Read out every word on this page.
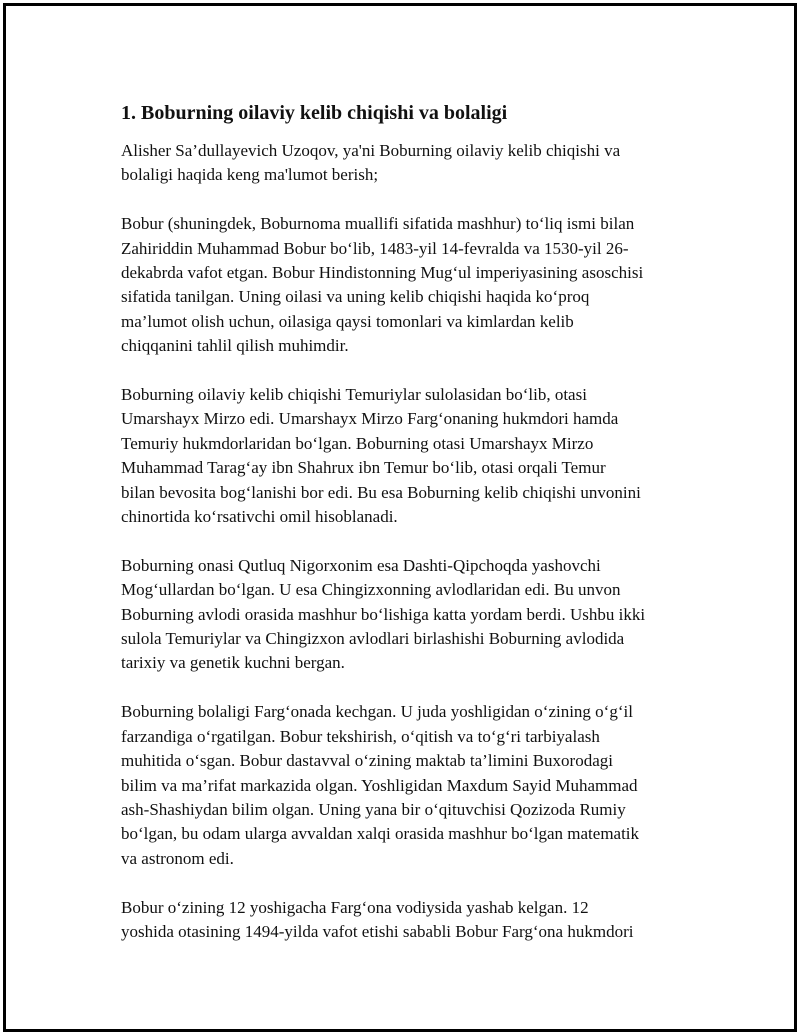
1. Boburning oilaviy kelib chiqishi va bolaligi
Alisher Sa’dullayevich Uzoqov, ya'ni Boburning oilaviy kelib chiqishi va
bolaligi haqida keng ma'lumot berish;
Bobur (shuningdek, Boburnoma muallifi sifatida mashhur) to‘liq ismi bilan
Zahiriddin Muhammad Bobur bo‘lib, 1483-yil 14-fevralda va 1530-yil 26-
dekabrda vafot etgan. Bobur Hindistonning Mug‘ul imperiyasining asoschisi
sifatida tanilgan. Uning oilasi va uning kelib chiqishi haqida ko‘proq
ma’lumot olish uchun, oilasiga qaysi tomonlari va kimlardan kelib
chiqqanini tahlil qilish muhimdir.
Boburning oilaviy kelib chiqishi Temuriylar sulolasidan bo‘lib, otasi
Umarshayx Mirzo edi. Umarshayx Mirzo Farg‘onaning hukmdori hamda
Temuriy hukmdorlaridan bo‘lgan. Boburning otasi Umarshayx Mirzo
Muhammad Tarag‘ay ibn Shahrux ibn Temur bo‘lib, otasi orqali Temur
bilan bevosita bog‘lanishi bor edi. Bu esa Boburning kelib chiqishi unvonini
chinortida ko‘rsativchi omil hisoblanadi.
Boburning onasi Qutluq Nigorxonim esa Dashti-Qipchoqda yashovchi
Mog‘ullardan bo‘lgan. U esa Chingizxonning avlodlaridan edi. Bu unvon
Boburning avlodi orasida mashhur bo‘lishiga katta yordam berdi. Ushbu ikki
sulola Temuriylar va Chingizxon avlodlari birlashishi Boburning avlodida
tarixiy va genetik kuchni bergan.
Boburning bolaligi Farg‘onada kechgan. U juda yoshligidan o‘zining o‘g‘il
farzandiga o‘rgatilgan. Bobur tekshirish, o‘qitish va to‘g‘ri tarbiyalash
muhitida o‘sgan. Bobur dastavval o‘zining maktab ta’limini Buxorodagi
bilim va ma’rifat markazida olgan. Yoshligidan Maxdum Sayid Muhammad
ash-Shashiydan bilim olgan. Uning yana bir o‘qituvchisi Qozizoda Rumiy
bo‘lgan, bu odam ularga avvaldan xalqi orasida mashhur bo‘lgan matematik
va astronom edi.
Bobur o‘zining 12 yoshigacha Farg‘ona vodiysida yashab kelgan. 12
yoshida otasining 1494-yilda vafot etishi sababli Bobur Farg‘ona hukmdori
